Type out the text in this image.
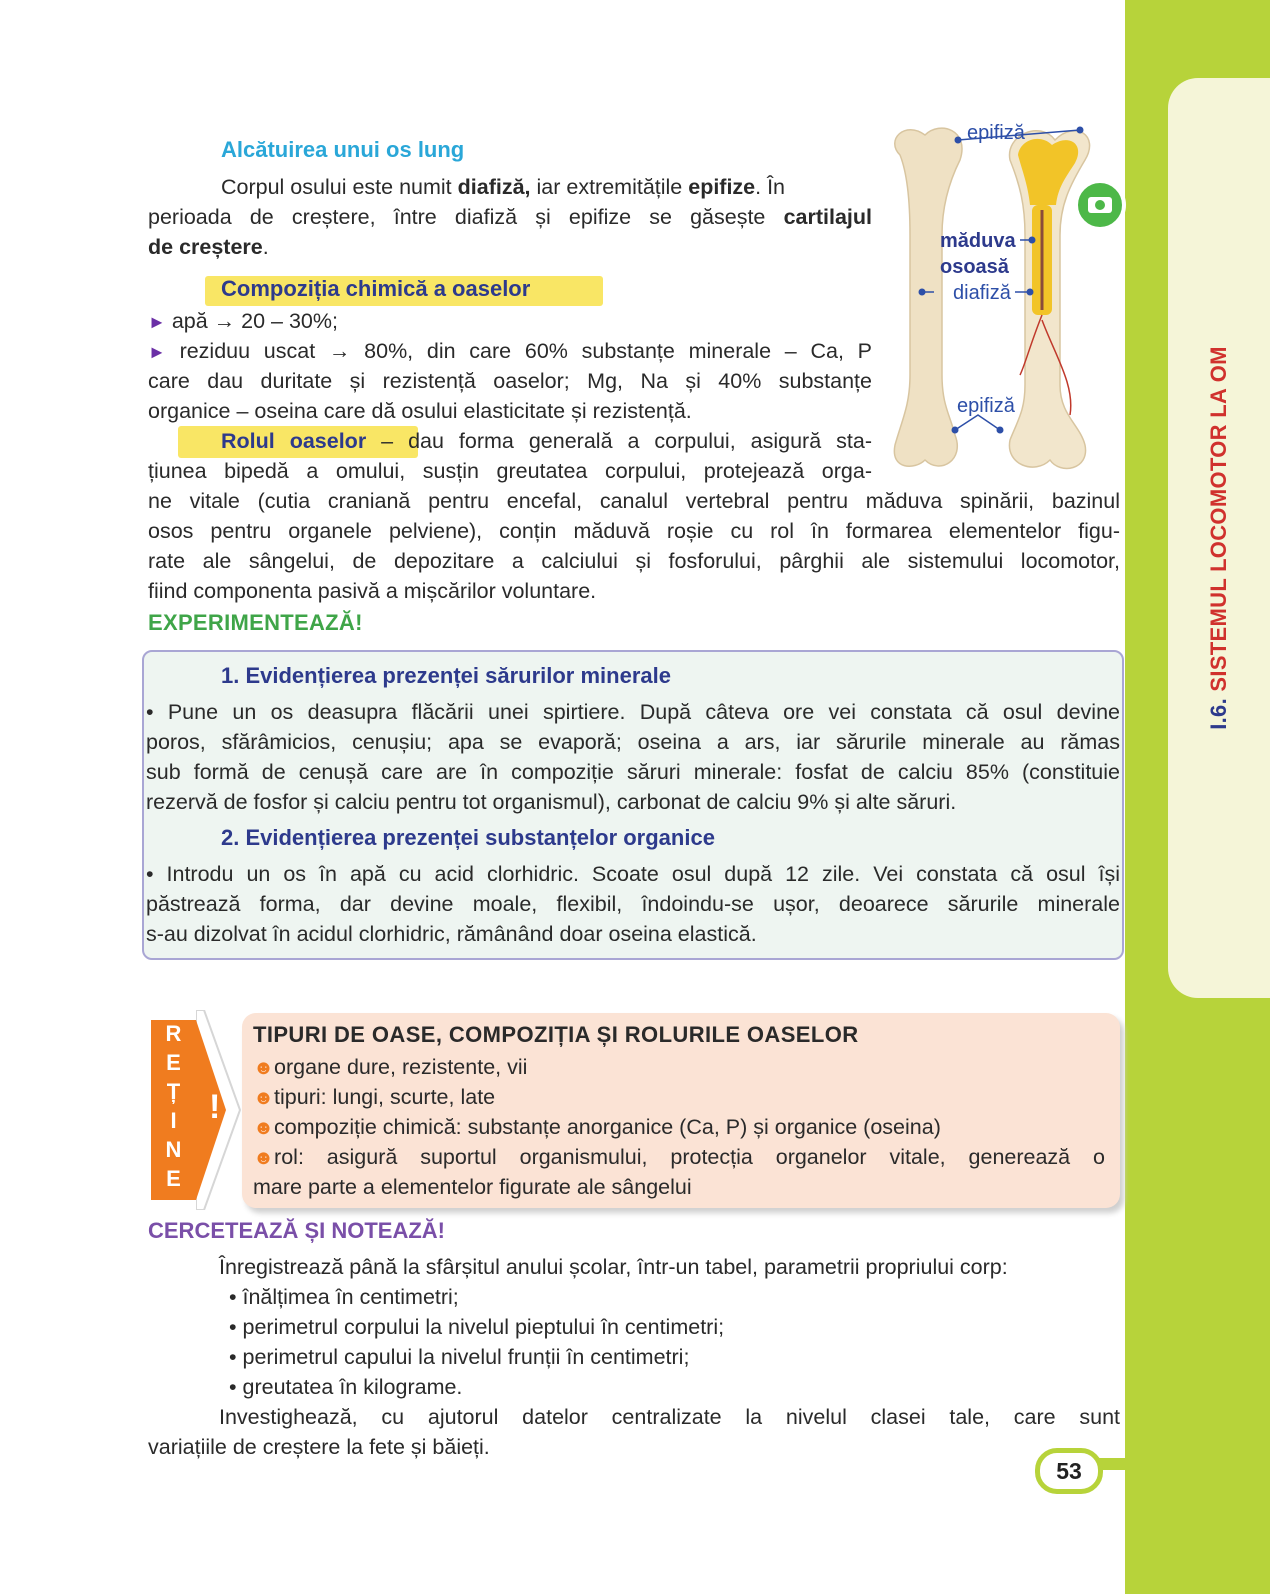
I.6. SISTEMUL LOCOMOTOR LA OM
53
Alcătuirea unui os lung
Corpul osului este numit diafiză, iar extremitățile epifize. În
perioada de creștere, între diafiză și epifize se găsește cartilajul
de creștere.
Compoziția chimică a oaselor
► apă → 20 – 30%;
► reziduu uscat → 80%, din care 60% substanțe minerale – Ca, P
care dau duritate și rezistență oaselor; Mg, Na și 40% substanțe
organice – oseina care dă osului elasticitate și rezistență.
Rolul oaselor – dau forma generală a corpului, asigură sta-
țiunea bipedă a omului, susțin greutatea corpului, protejează orga-
ne vitale (cutia craniană pentru encefal, canalul vertebral pentru măduva spinării, bazinul
osos pentru organele pelviene), conțin măduvă roșie cu rol în formarea elementelor figu-
rate ale sângelui, de depozitare a calciului și fosforului, pârghii ale sistemului locomotor,
fiind componenta pasivă a mișcărilor voluntare.
epifiză
măduva
osoasă
diafiză
epifiză
EXPERIMENTEAZĂ!
1. Evidențierea prezenței sărurilor minerale
• Pune un os deasupra flăcării unei spirtiere. După câteva ore vei constata că osul devine
poros, sfărâmicios, cenușiu; apa se evaporă; oseina a ars, iar sărurile minerale au rămas
sub formă de cenușă care are în compoziție săruri minerale: fosfat de calciu 85% (constituie
rezervă de fosfor și calciu pentru tot organismul), carbonat de calciu 9% și alte săruri.
2. Evidențierea prezenței substanțelor organice
• Introdu un os în apă cu acid clorhidric. Scoate osul după 12 zile. Vei constata că osul își
păstrează forma, dar devine moale, flexibil, îndoindu-se ușor, deoarece sărurile minerale
s-au dizolvat în acidul clorhidric, rămânând doar oseina elastică.
R
E
Ț
I
N
E
!
TIPURI DE OASE, COMPOZIȚIA ȘI ROLURILE OASELOR
☻organe dure, rezistente, vii
☻tipuri: lungi, scurte, late
☻compoziție chimică: substanțe anorganice (Ca, P) și organice (oseina)
☻rol: asigură suportul organismului, protecția organelor vitale, generează o
mare parte a elementelor figurate ale sângelui
CERCETEAZĂ ȘI NOTEAZĂ!
Înregistrează până la sfârșitul anului școlar, într-un tabel, parametrii propriului corp:
• înălțimea în centimetri;
• perimetrul corpului la nivelul pieptului în centimetri;
• perimetrul capului la nivelul frunții în centimetri;
• greutatea în kilograme.
Investighează, cu ajutorul datelor centralizate la nivelul clasei tale, care sunt
variațiile de creștere la fete și băieți.
